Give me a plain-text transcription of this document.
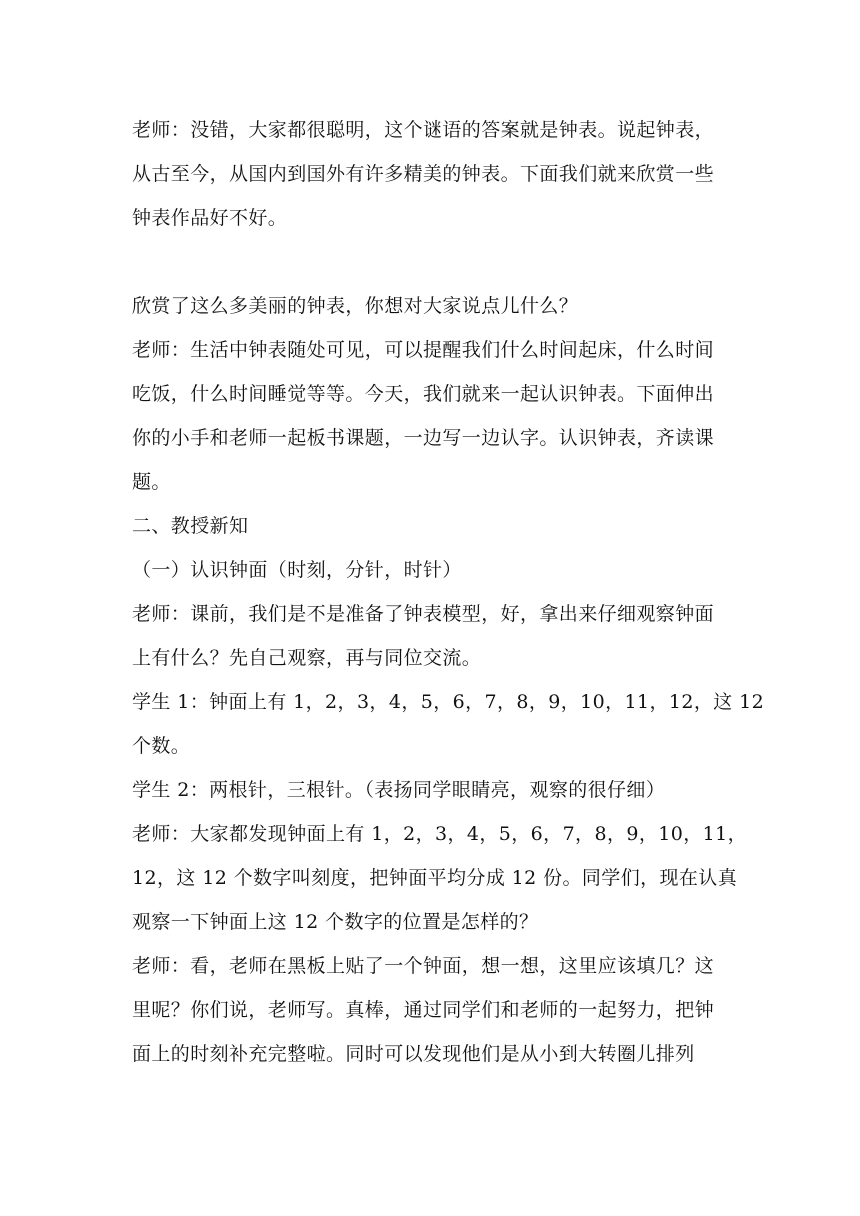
老师：没错，大家都很聪明，这个谜语的答案就是钟表。说起钟表，
从古至今，从国内到国外有许多精美的钟表。下面我们就来欣赏一些
钟表作品好不好。
欣赏了这么多美丽的钟表，你想对大家说点儿什么？
老师：生活中钟表随处可见，可以提醒我们什么时间起床，什么时间
吃饭，什么时间睡觉等等。今天，我们就来一起认识钟表。下面伸出
你的小手和老师一起板书课题，一边写一边认字。认识钟表，齐读课
题。
二、教授新知
（一）认识钟面（时刻，分针，时针）
老师：课前，我们是不是准备了钟表模型，好，拿出来仔细观察钟面
上有什么？先自己观察，再与同位交流。
学生 1：钟面上有 1，2，3，4，5，6，7，8，9，10，11，12，这 12
个数。
学生 2：两根针，三根针。（表扬同学眼睛亮，观察的很仔细）
老师：大家都发现钟面上有 1，2，3，4，5，6，7，8，9，10，11，
12，这 12 个数字叫刻度，把钟面平均分成 12 份。同学们，现在认真
观察一下钟面上这 12 个数字的位置是怎样的？
老师：看，老师在黑板上贴了一个钟面，想一想，这里应该填几？这
里呢？你们说，老师写。真棒，通过同学们和老师的一起努力，把钟
面上的时刻补充完整啦。同时可以发现他们是从小到大转圈儿排列
